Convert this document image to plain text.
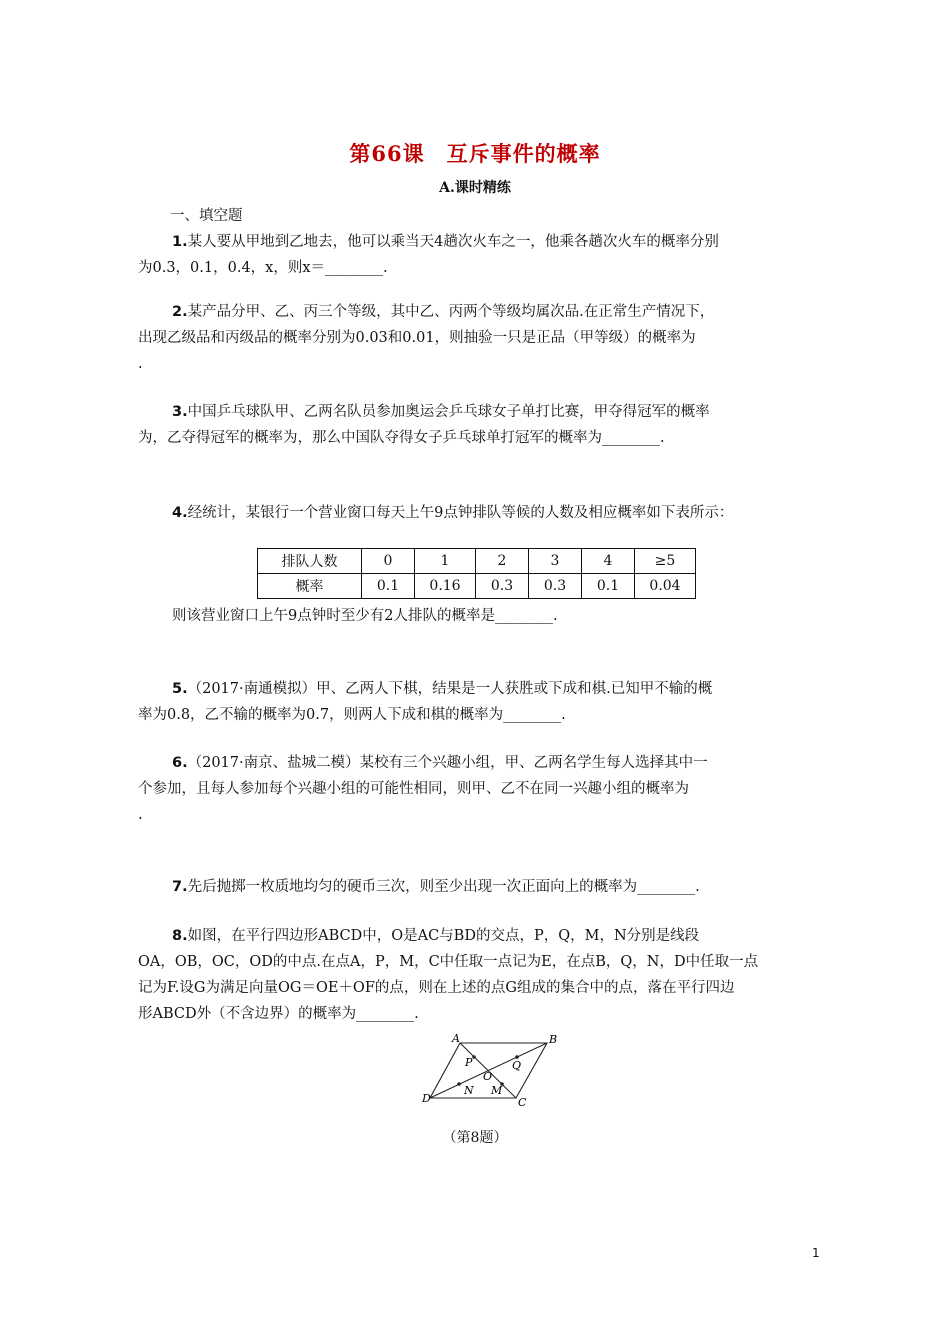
第66课　互斥事件的概率
A.课时精练
一、填空题
1.某人要从甲地到乙地去，他可以乘当天4趟次火车之一，他乘各趟次火车的概率分别
为0.3，0.1，0.4，x，则x＝________.
2.某产品分甲、乙、丙三个等级，其中乙、丙两个等级均属次品.在正常生产情况下，
出现乙级品和丙级品的概率分别为0.03和0.01，则抽验一只是正品（甲等级）的概率为
.
3.中国乒乓球队甲、乙两名队员参加奥运会乒乓球女子单打比赛，甲夺得冠军的概率
为，乙夺得冠军的概率为，那么中国队夺得女子乒乓球单打冠军的概率为________.
4.经统计，某银行一个营业窗口每天上午9点钟排队等候的人数及相应概率如下表所示：
排队人数	0	1	2	3	4	≥5
概率	0.1	0.16	0.3	0.3	0.1	0.04
则该营业窗口上午9点钟时至少有2人排队的概率是________.
5.（2017·南通模拟）甲、乙两人下棋，结果是一人获胜或下成和棋.已知甲不输的概
率为0.8，乙不输的概率为0.7，则两人下成和棋的概率为________.
6.（2017·南京、盐城二模）某校有三个兴趣小组，甲、乙两名学生每人选择其中一
个参加，且每人参加每个兴趣小组的可能性相同，则甲、乙不在同一兴趣小组的概率为
.
7.先后抛掷一枚质地均匀的硬币三次，则至少出现一次正面向上的概率为________.
8.如图，在平行四边形ABCD中，O是AC与BD的交点，P，Q，M，N分别是线段
OA，OB，OC，OD的中点.在点A，P，M，C中任取一点记为E，在点B，Q，N，D中任取一点
记为F.设G为满足向量OG＝OE＋OF的点，则在上述的点G组成的集合中的点，落在平行四边
形ABCD外（不含边界）的概率为________.
A	B
C
D
O
P	Q
M
N
（第8题）
1
